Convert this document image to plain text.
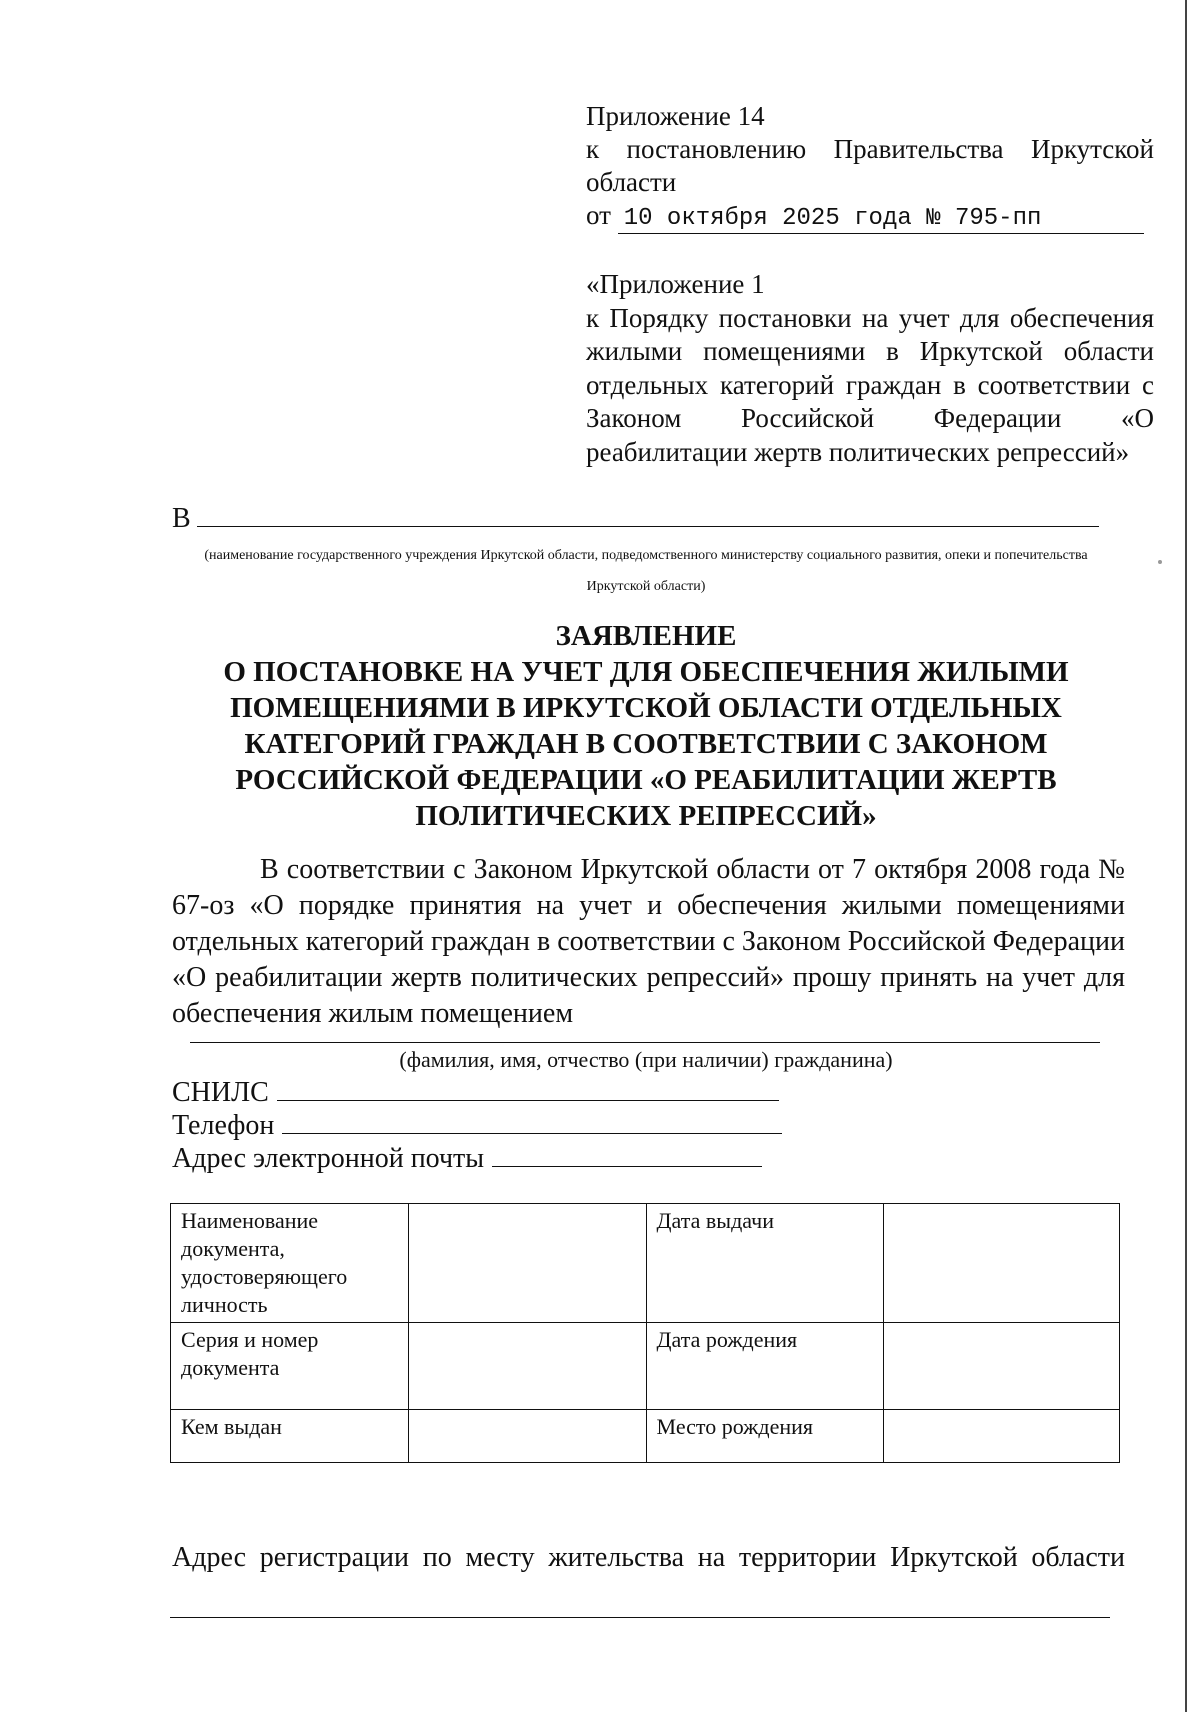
Приложение 14
к постановлению Правительства Иркутской
области
от 10 октября 2025 года № 795-пп
«Приложение 1
к Порядку постановки на учет для обеспечения
жилыми помещениями в Иркутской области
отдельных категорий граждан в соответствии с
Законом Российской Федерации «О
реабилитации жертв политических репрессий»
В
(наименование государственного учреждения Иркутской области, подведомственного министерству социального развития, опеки и попечительства Иркутской области)
ЗАЯВЛЕНИЕ
О ПОСТАНОВКЕ НА УЧЕТ ДЛЯ ОБЕСПЕЧЕНИЯ ЖИЛЫМИ
ПОМЕЩЕНИЯМИ В ИРКУТСКОЙ ОБЛАСТИ ОТДЕЛЬНЫХ
КАТЕГОРИЙ ГРАЖДАН В СООТВЕТСТВИИ С ЗАКОНОМ
РОССИЙСКОЙ ФЕДЕРАЦИИ «О РЕАБИЛИТАЦИИ ЖЕРТВ
ПОЛИТИЧЕСКИХ РЕПРЕССИЙ»
В соответствии с Законом Иркутской области от 7 октября 2008 года № 67-оз «О порядке принятия на учет и обеспечения жилыми помещениями отдельных категорий граждан в соответствии с Законом Российской Федерации «О реабилитации жертв политических репрессий» прошу принять на учет для обеспечения жилым помещением
(фамилия, имя, отчество (при наличии) гражданина)
СНИЛС
Телефон
Адрес электронной почты
Наименование документа, удостоверяющего личность		Дата выдачи	
Серия и номер документа		Дата рождения	
Кем выдан		Место рождения	
Адрес регистрации по месту жительства на территории Иркутской области
